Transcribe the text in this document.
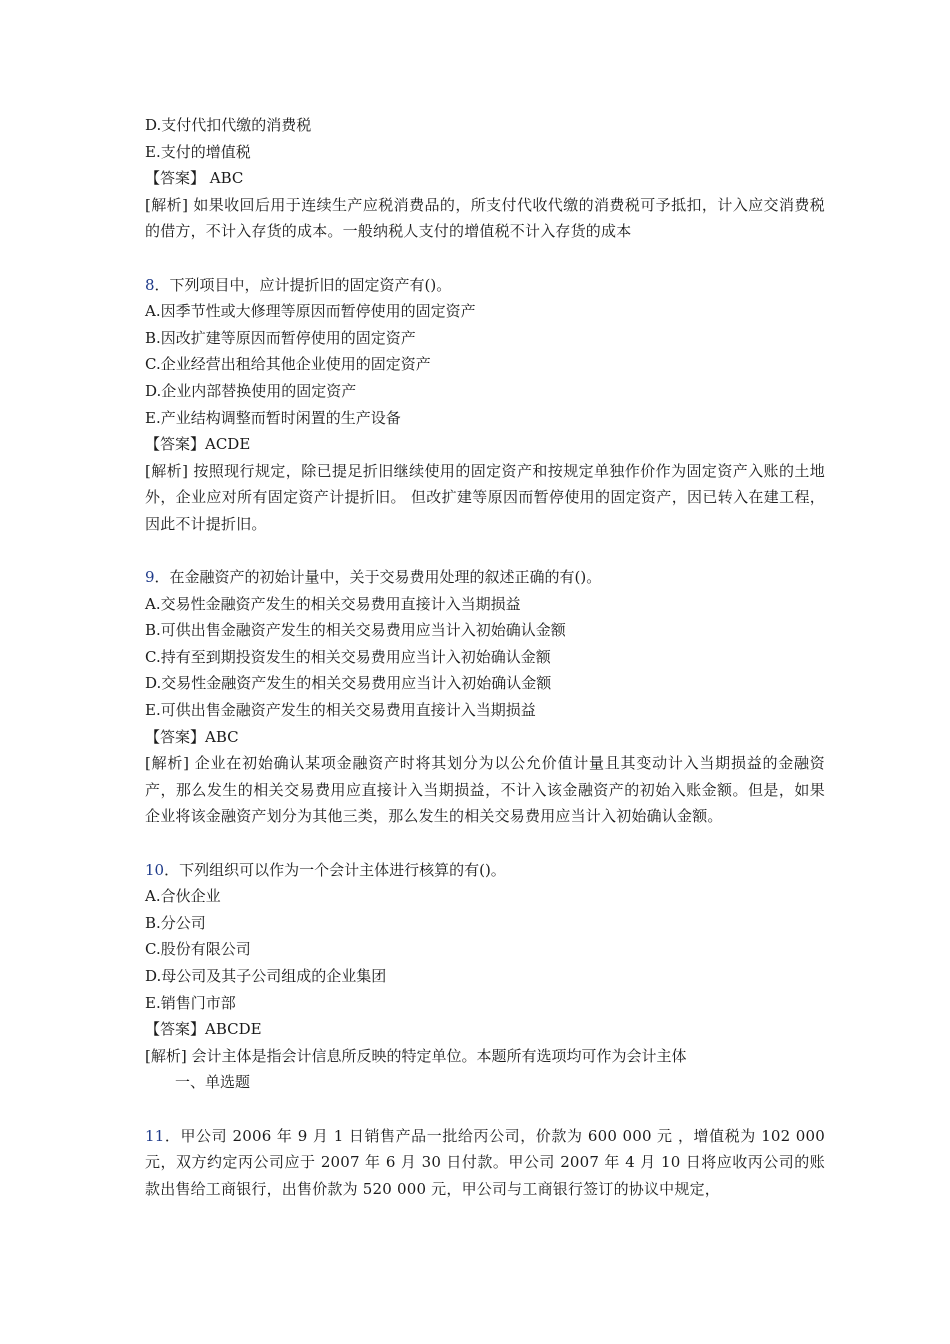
D.支付代扣代缴的消费税
E.支付的增值税
【答案】 ABC
[解析] 如果收回后用于连续生产应税消费品的，所支付代收代缴的消费税可予抵扣，计入应交消费税的借方，不计入存货的成本。一般纳税人支付的增值税不计入存货的成本
8．下列项目中，应计提折旧的固定资产有()。
A.因季节性或大修理等原因而暂停使用的固定资产
B.因改扩建等原因而暂停使用的固定资产
C.企业经营出租给其他企业使用的固定资产
D.企业内部替换使用的固定资产
E.产业结构调整而暂时闲置的生产设备
【答案】ACDE
[解析] 按照现行规定，除已提足折旧继续使用的固定资产和按规定单独作价作为固定资产入账的土地外，企业应对所有固定资产计提折旧。 但改扩建等原因而暂停使用的固定资产，因已转入在建工程，因此不计提折旧。
9．在金融资产的初始计量中，关于交易费用处理的叙述正确的有()。
A.交易性金融资产发生的相关交易费用直接计入当期损益
B.可供出售金融资产发生的相关交易费用应当计入初始确认金额
C.持有至到期投资发生的相关交易费用应当计入初始确认金额
D.交易性金融资产发生的相关交易费用应当计入初始确认金额
E.可供出售金融资产发生的相关交易费用直接计入当期损益
【答案】ABC
[解析] 企业在初始确认某项金融资产时将其划分为以公允价值计量且其变动计入当期损益的金融资产，那么发生的相关交易费用应直接计入当期损益，不计入该金融资产的初始入账金额。但是，如果企业将该金融资产划分为其他三类，那么发生的相关交易费用应当计入初始确认金额。
10．下列组织可以作为一个会计主体进行核算的有()。
A.合伙企业
B.分公司
C.股份有限公司
D.母公司及其子公司组成的企业集团
E.销售门市部
【答案】ABCDE
[解析] 会计主体是指会计信息所反映的特定单位。本题所有选项均可作为会计主体
一、单选题
11．甲公司 2006 年 9 月 1 日销售产品一批给丙公司，价款为 600 000 元 ，增值税为 102 000元，双方约定丙公司应于 2007 年 6 月 30 日付款。甲公司 2007 年 4 月 10 日将应收丙公司的账款出售给工商银行，出售价款为 520 000 元，甲公司与工商银行签订的协议中规定，
